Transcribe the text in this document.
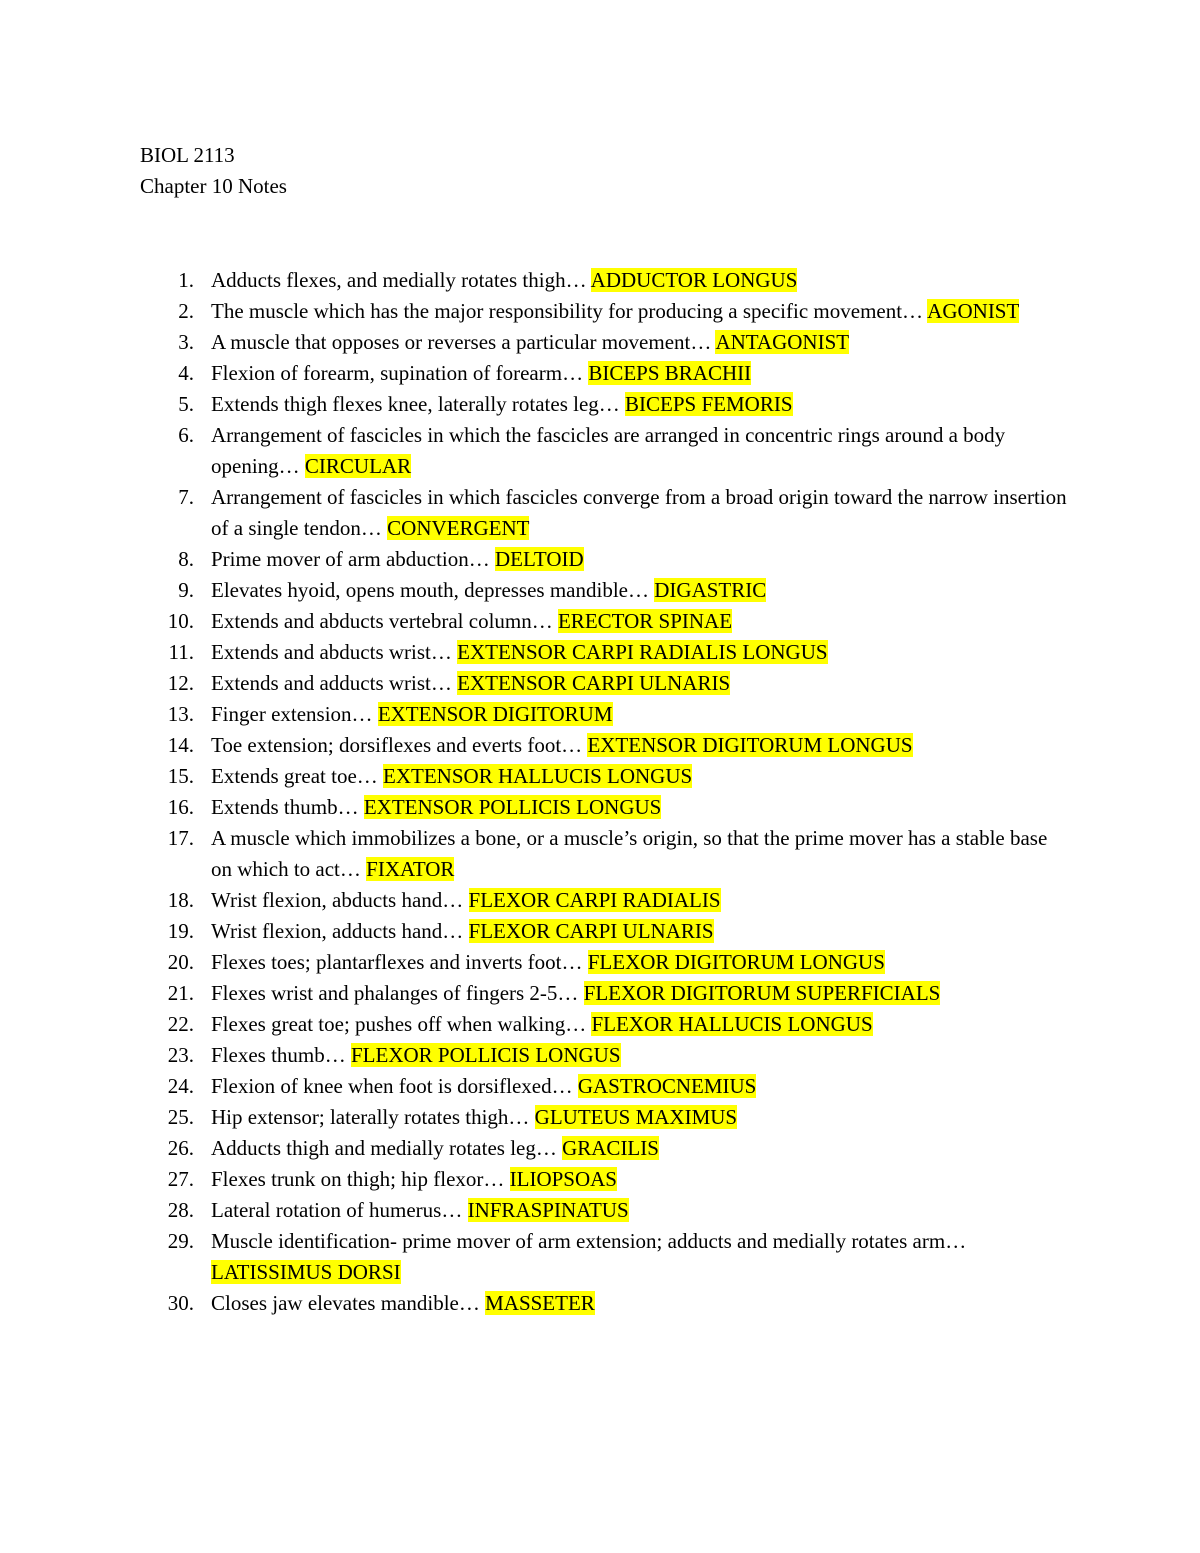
BIOL 2113
Chapter 10 Notes
1. Adducts flexes, and medially rotates thigh… ADDUCTOR LONGUS
2. The muscle which has the major responsibility for producing a specific movement… AGONIST
3. A muscle that opposes or reverses a particular movement… ANTAGONIST
4. Flexion of forearm, supination of forearm… BICEPS BRACHII
5. Extends thigh flexes knee, laterally rotates leg… BICEPS FEMORIS
6. Arrangement of fascicles in which the fascicles are arranged in concentric rings around a body opening… CIRCULAR
7. Arrangement of fascicles in which fascicles converge from a broad origin toward the narrow insertion of a single tendon… CONVERGENT
8. Prime mover of arm abduction… DELTOID
9. Elevates hyoid, opens mouth, depresses mandible… DIGASTRIC
10. Extends and abducts vertebral column… ERECTOR SPINAE
11. Extends and abducts wrist… EXTENSOR CARPI RADIALIS LONGUS
12. Extends and adducts wrist… EXTENSOR CARPI ULNARIS
13. Finger extension… EXTENSOR DIGITORUM
14. Toe extension; dorsiflexes and everts foot… EXTENSOR DIGITORUM LONGUS
15. Extends great toe… EXTENSOR HALLUCIS LONGUS
16. Extends thumb… EXTENSOR POLLICIS LONGUS
17. A muscle which immobilizes a bone, or a muscle’s origin, so that the prime mover has a stable base on which to act… FIXATOR
18. Wrist flexion, abducts hand… FLEXOR CARPI RADIALIS
19. Wrist flexion, adducts hand… FLEXOR CARPI ULNARIS
20. Flexes toes; plantarflexes and inverts foot… FLEXOR DIGITORUM LONGUS
21. Flexes wrist and phalanges of fingers 2-5… FLEXOR DIGITORUM SUPERFICIALS
22. Flexes great toe; pushes off when walking… FLEXOR HALLUCIS LONGUS
23. Flexes thumb… FLEXOR POLLICIS LONGUS
24. Flexion of knee when foot is dorsiflexed… GASTROCNEMIUS
25. Hip extensor; laterally rotates thigh… GLUTEUS MAXIMUS
26. Adducts thigh and medially rotates leg… GRACILIS
27. Flexes trunk on thigh; hip flexor… ILIOPSOAS
28. Lateral rotation of humerus… INFRASPINATUS
29. Muscle identification- prime mover of arm extension; adducts and medially rotates arm… LATISSIMUS DORSI
30. Closes jaw elevates mandible… MASSETER
